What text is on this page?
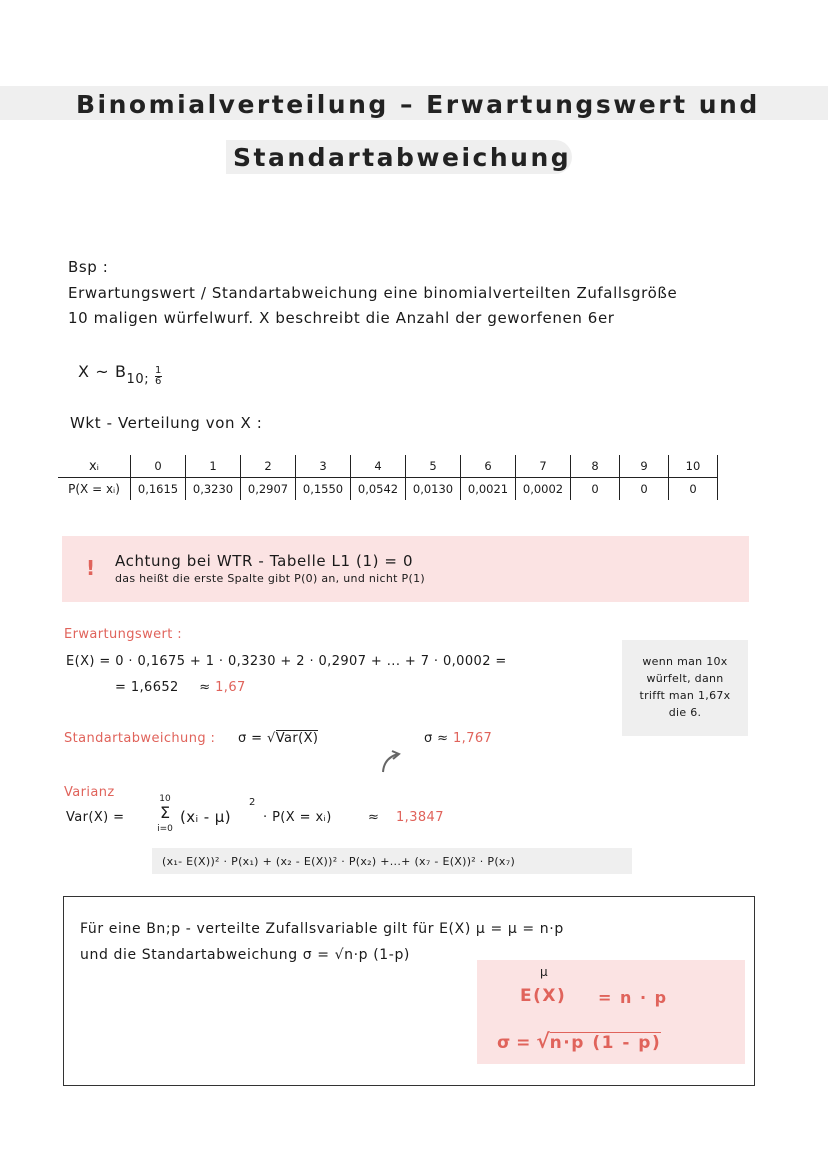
Binomialverteilung – Erwartungswert und
Standartabweichung
Bsp :
Erwartungswert / Standartabweichung eine binomialverteilten Zufallsgröße
10 maligen würfelwurf. X beschreibt die Anzahl der geworfenen 6er
X ~ $B_{10;} \frac{1}{6}$
Wkt - Verteilung von X :
xᵢ	0	1	2	3	4	5	6	7	8	9	10
P(X = xᵢ)	0,1615	0,3230	0,2907	0,1550	0,0542	0,0130	0,0021	0,0002	0	0	0
! Achtung bei WTR - Tabelle L1 (1) = 0
das heißt die erste Spalte gibt P(0) an, und nicht P(1)
Erwartungswert :
E(X) = 0 · 0,1675 + 1 · 0,3230 + 2 · 0,2907 + ... + 7 · 0,0002 =
= 1,6652 ≈ 1,67
wenn man 10x
würfelt, dann
trifft man 1,67x
die 6.
Standartabweichung : σ = √Var(X)	σ ≈ 1,767
Varianz
Var(X) =
10
Σ
i=0
(xᵢ - μ)
2
· P(X = xᵢ)	≈ 1,3847
(x₁- E(X))² · P(x₁) + (x₂ - E(X))² · P(x₂) +...+ (x₇ - E(X))² · P(x₇)
Für eine Bn;p - verteilte Zufallsvariable gilt für E(X) μ = μ = n·p
und die Standartabweichung σ = √n·p (1-p)
μ
E(X) = n · p
σ = √n·p (1 - p)
